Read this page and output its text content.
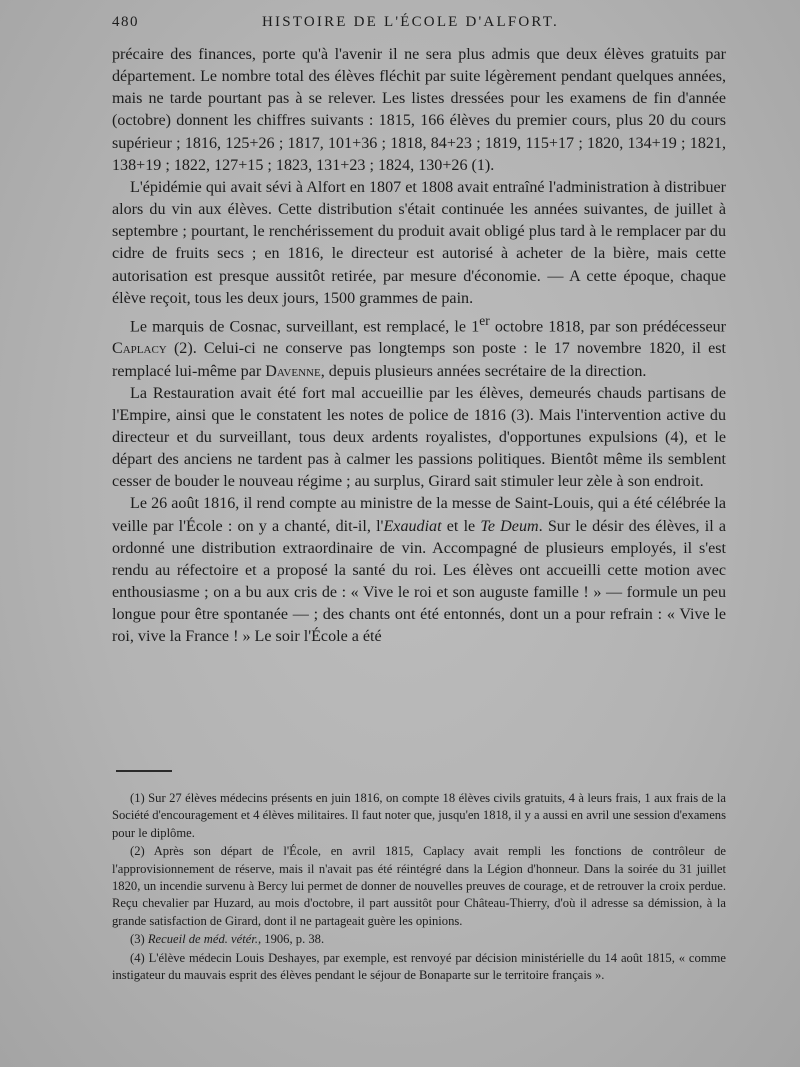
480	HISTOIRE DE L'ÉCOLE D'ALFORT.

précaire des finances, porte qu'à l'avenir il ne sera plus admis que deux élèves gratuits par département. Le nombre total des élèves fléchit par suite légèrement pendant quelques années, mais ne tarde pourtant pas à se relever. Les listes dressées pour les examens de fin d'année (octobre) donnent les chiffres suivants : 1815, 166 élèves du premier cours, plus 20 du cours supérieur ; 1816, 125+26 ; 1817, 101+36 ; 1818, 84+23 ; 1819, 115+17 ; 1820, 134+19 ; 1821, 138+19 ; 1822, 127+15 ; 1823, 131+23 ; 1824, 130+26 (1).

L'épidémie qui avait sévi à Alfort en 1807 et 1808 avait entraîné l'administration à distribuer alors du vin aux élèves. Cette distribution s'était continuée les années suivantes, de juillet à septembre ; pourtant, le renchérissement du produit avait obligé plus tard à le remplacer par du cidre de fruits secs ; en 1816, le directeur est autorisé à acheter de la bière, mais cette autorisation est presque aussitôt retirée, par mesure d'économie. — A cette époque, chaque élève reçoit, tous les deux jours, 1500 grammes de pain.

Le marquis de Cosnac, surveillant, est remplacé, le 1er octobre 1818, par son prédécesseur Caplacy (2). Celui-ci ne conserve pas longtemps son poste : le 17 novembre 1820, il est remplacé lui-même par Davenne, depuis plusieurs années secrétaire de la direction.

La Restauration avait été fort mal accueillie par les élèves, demeurés chauds partisans de l'Empire, ainsi que le constatent les notes de police de 1816 (3). Mais l'intervention active du directeur et du surveillant, tous deux ardents royalistes, d'opportunes expulsions (4), et le départ des anciens ne tardent pas à calmer les passions politiques. Bientôt même ils semblent cesser de bouder le nouveau régime ; au surplus, Girard sait stimuler leur zèle à son endroit.

Le 26 août 1816, il rend compte au ministre de la messe de Saint-Louis, qui a été célébrée la veille par l'École : on y a chanté, dit-il, l'Exaudiat et le Te Deum. Sur le désir des élèves, il a ordonné une distribution extraordinaire de vin. Accompagné de plusieurs employés, il s'est rendu au réfectoire et a proposé la santé du roi. Les élèves ont accueilli cette motion avec enthousiasme ; on a bu aux cris de : « Vive le roi et son auguste famille ! » — formule un peu longue pour être spontanée — ; des chants ont été entonnés, dont un a pour refrain : « Vive le roi, vive la France ! » Le soir l'École a été

(1) Sur 27 élèves médecins présents en juin 1816, on compte 18 élèves civils gratuits, 4 à leurs frais, 1 aux frais de la Société d'encouragement et 4 élèves militaires. Il faut noter que, jusqu'en 1818, il y a aussi en avril une session d'examens pour le diplôme.

(2) Après son départ de l'École, en avril 1815, Caplacy avait rempli les fonctions de contrôleur de l'approvisionnement de réserve, mais il n'avait pas été réintégré dans la Légion d'honneur. Dans la soirée du 31 juillet 1820, un incendie survenu à Bercy lui permet de donner de nouvelles preuves de courage, et de retrouver la croix perdue. Reçu chevalier par Huzard, au mois d'octobre, il part aussitôt pour Château-Thierry, d'où il adresse sa démission, à la grande satisfaction de Girard, dont il ne partageait guère les opinions.

(3) Recueil de méd. vétér., 1906, p. 38.

(4) L'élève médecin Louis Deshayes, par exemple, est renvoyé par décision ministérielle du 14 août 1815, « comme instigateur du mauvais esprit des élèves pendant le séjour de Bonaparte sur le territoire français ».
